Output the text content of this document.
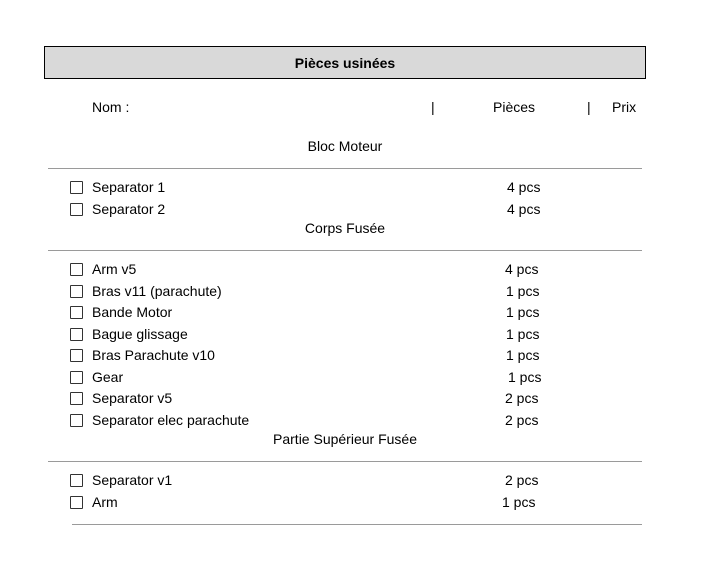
Pièces usinées
Nom :	|	Pièces	| Prix
Bloc Moteur
Separator 1	4 pcs
Separator 2	4 pcs
Corps Fusée
Arm v5	4 pcs
Bras v11 (parachute)	1 pcs
Bande Motor	1 pcs
Bague glissage	1 pcs
Bras Parachute v10	1 pcs
Gear	1 pcs
Separator v5	2 pcs
Separator elec parachute	2 pcs
Partie Supérieur Fusée
Separator v1	2 pcs
Arm	1 pcs
